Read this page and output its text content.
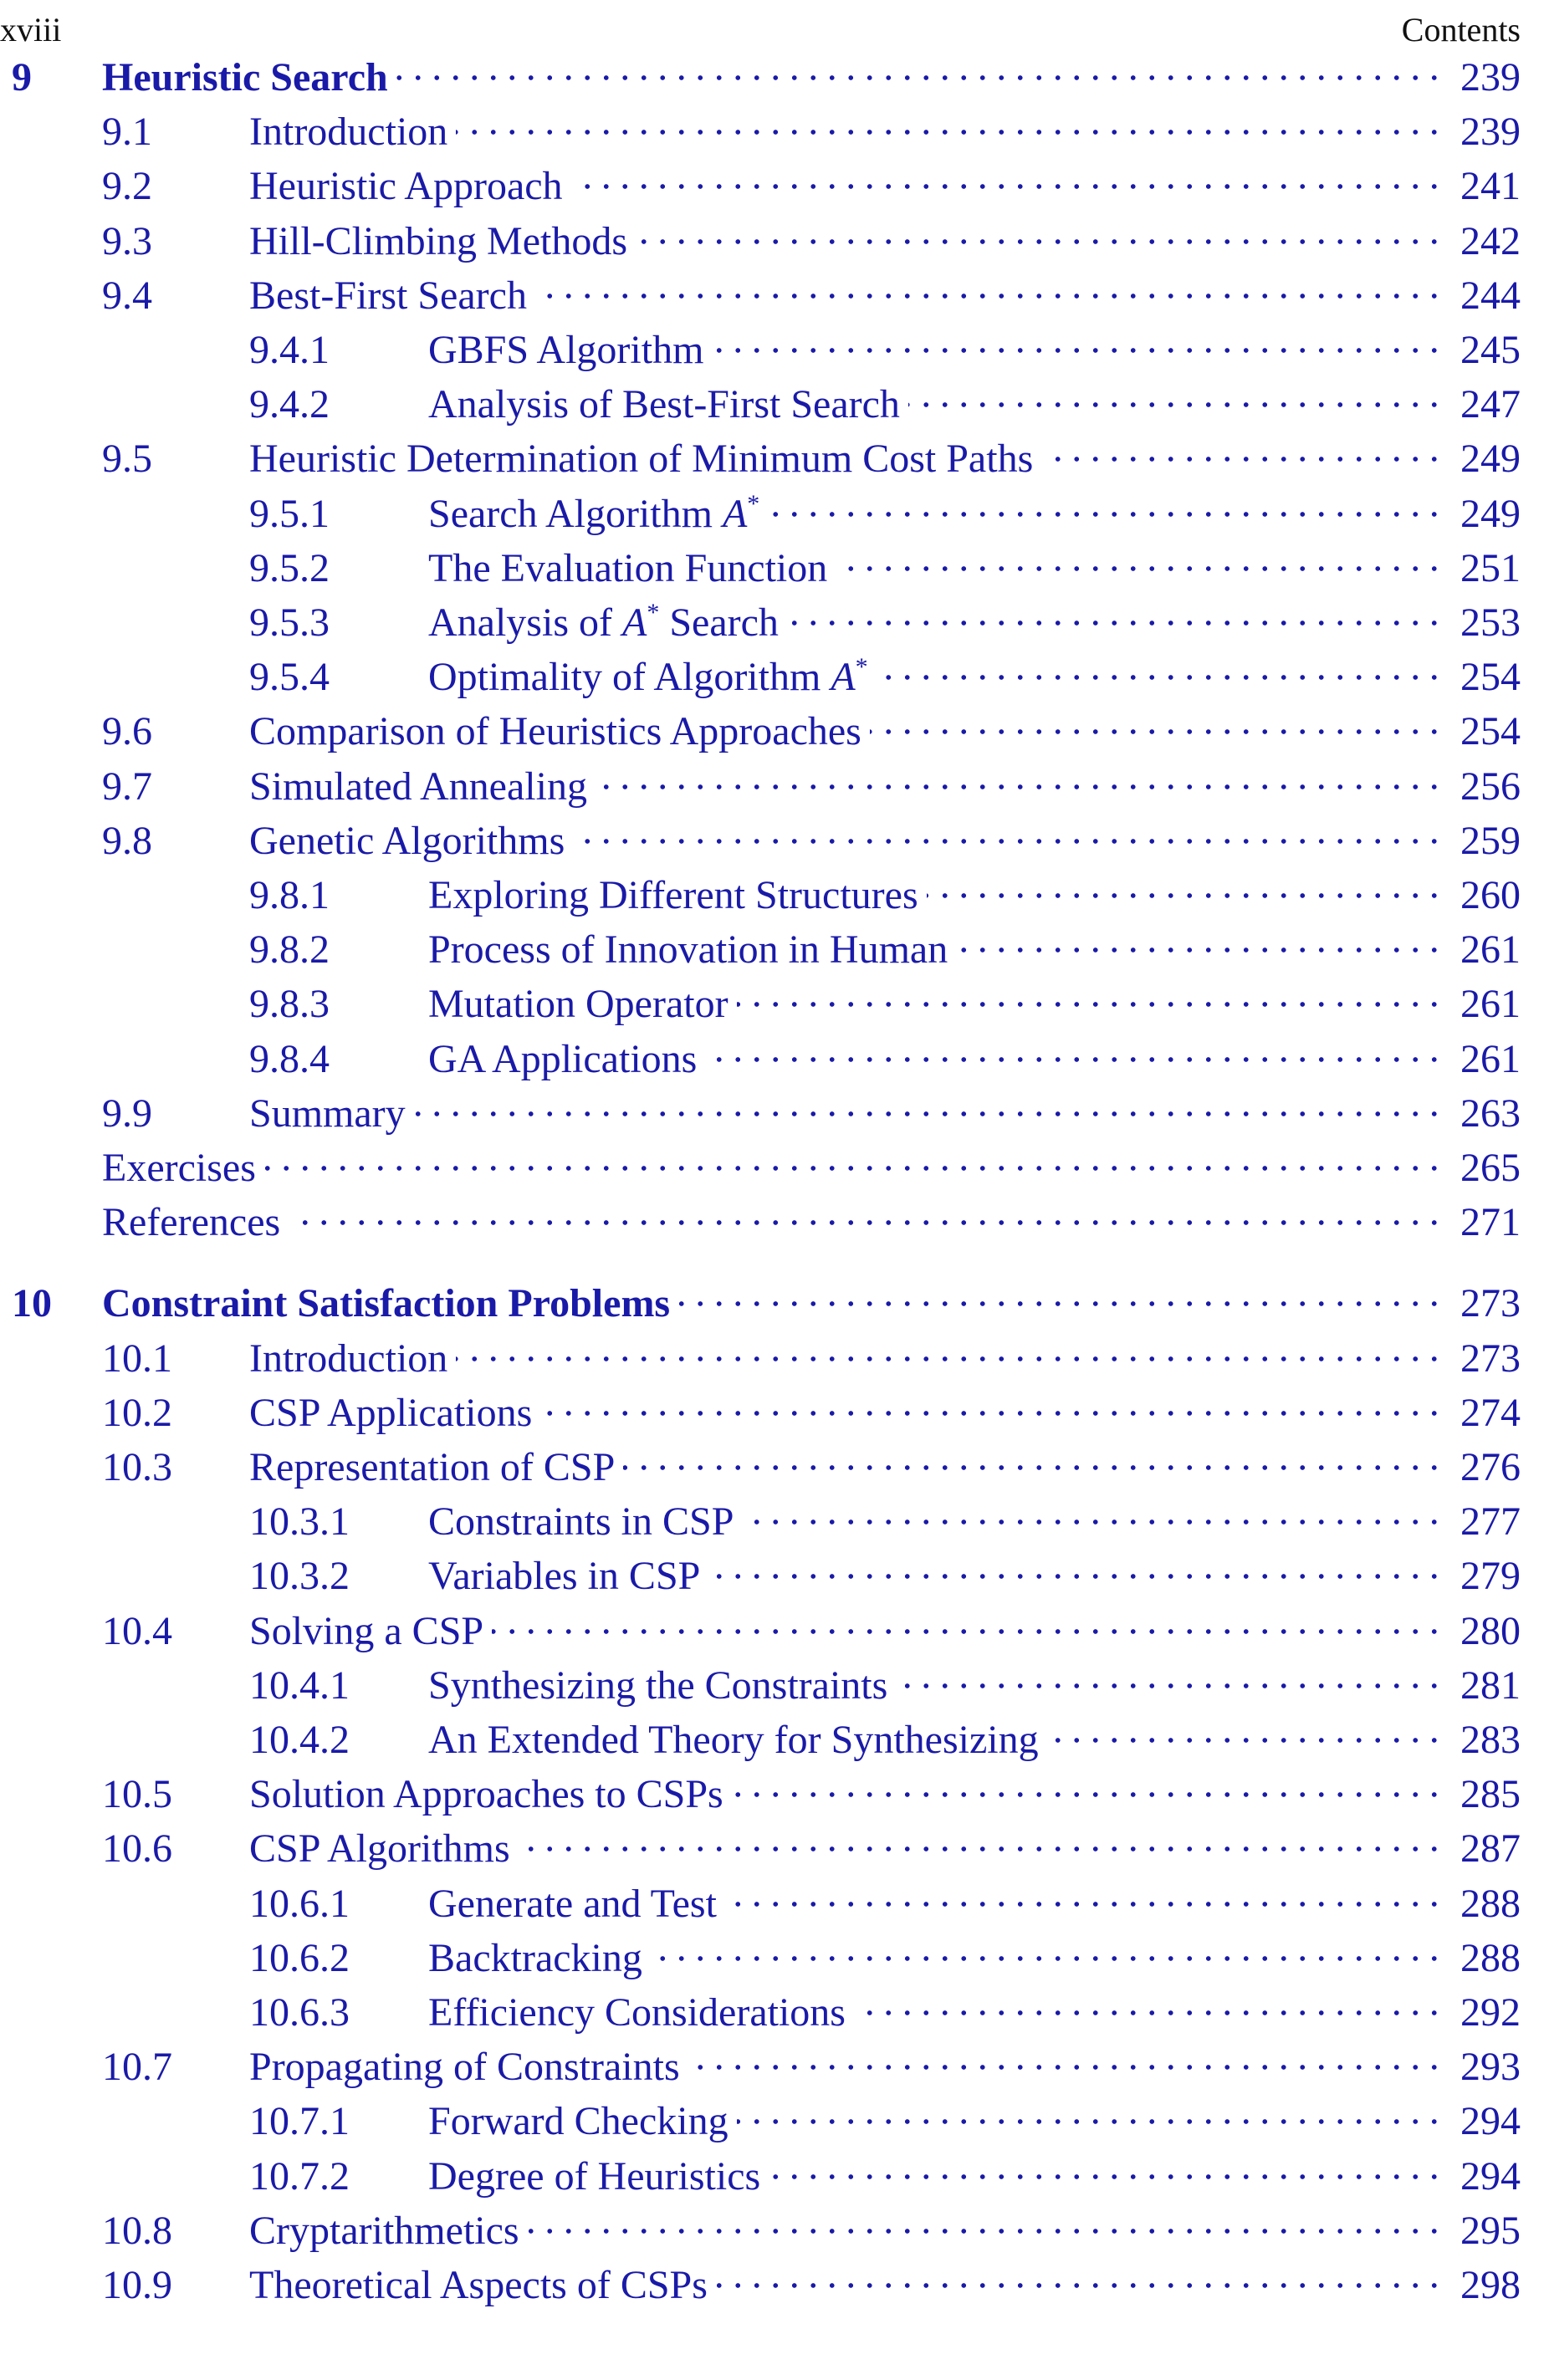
xviii	Contents
9 Heuristic Search	239
9.1 Introduction	239
9.2 Heuristic Approach	241
9.3 Hill-Climbing Methods	242
9.4 Best-First Search	244
9.4.1 GBFS Algorithm	245
9.4.2 Analysis of Best-First Search	247
9.5 Heuristic Determination of Minimum Cost Paths	249
9.5.1 Search Algorithm A*	249
9.5.2 The Evaluation Function	251
9.5.3 Analysis of A* Search	253
9.5.4 Optimality of Algorithm A*	254
9.6 Comparison of Heuristics Approaches	254
9.7 Simulated Annealing	256
9.8 Genetic Algorithms	259
9.8.1 Exploring Different Structures	260
9.8.2 Process of Innovation in Human	261
9.8.3 Mutation Operator	261
9.8.4 GA Applications	261
9.9 Summary	263
Exercises	265
References	271
10 Constraint Satisfaction Problems	273
10.1 Introduction	273
10.2 CSP Applications	274
10.3 Representation of CSP	276
10.3.1 Constraints in CSP	277
10.3.2 Variables in CSP	279
10.4 Solving a CSP	280
10.4.1 Synthesizing the Constraints	281
10.4.2 An Extended Theory for Synthesizing	283
10.5 Solution Approaches to CSPs	285
10.6 CSP Algorithms	287
10.6.1 Generate and Test	288
10.6.2 Backtracking	288
10.6.3 Efficiency Considerations	292
10.7 Propagating of Constraints	293
10.7.1 Forward Checking	294
10.7.2 Degree of Heuristics	294
10.8 Cryptarithmetics	295
10.9 Theoretical Aspects of CSPs	298
